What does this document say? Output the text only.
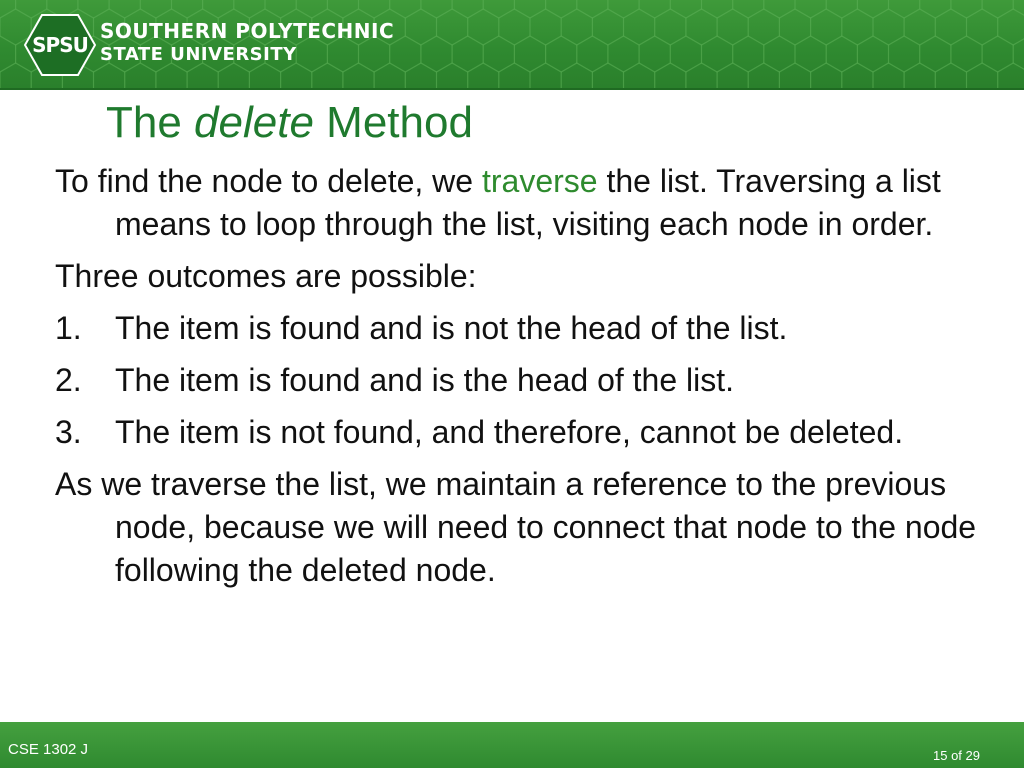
SPSU
SOUTHERN POLYTECHNIC
STATE UNIVERSITY
The delete Method

To find the node to delete, we traverse the list. Traversing a list means to loop through the list, visiting each node in order.

Three outcomes are possible:

1. The item is found and is not the head of the list.
2. The item is found and is the head of the list.
3. The item is not found, and therefore, cannot be deleted.

As we traverse the list, we maintain a reference to the previous node, because we will need to connect that node to the node following the deleted node.

CSE 1302 J	15 of 29
